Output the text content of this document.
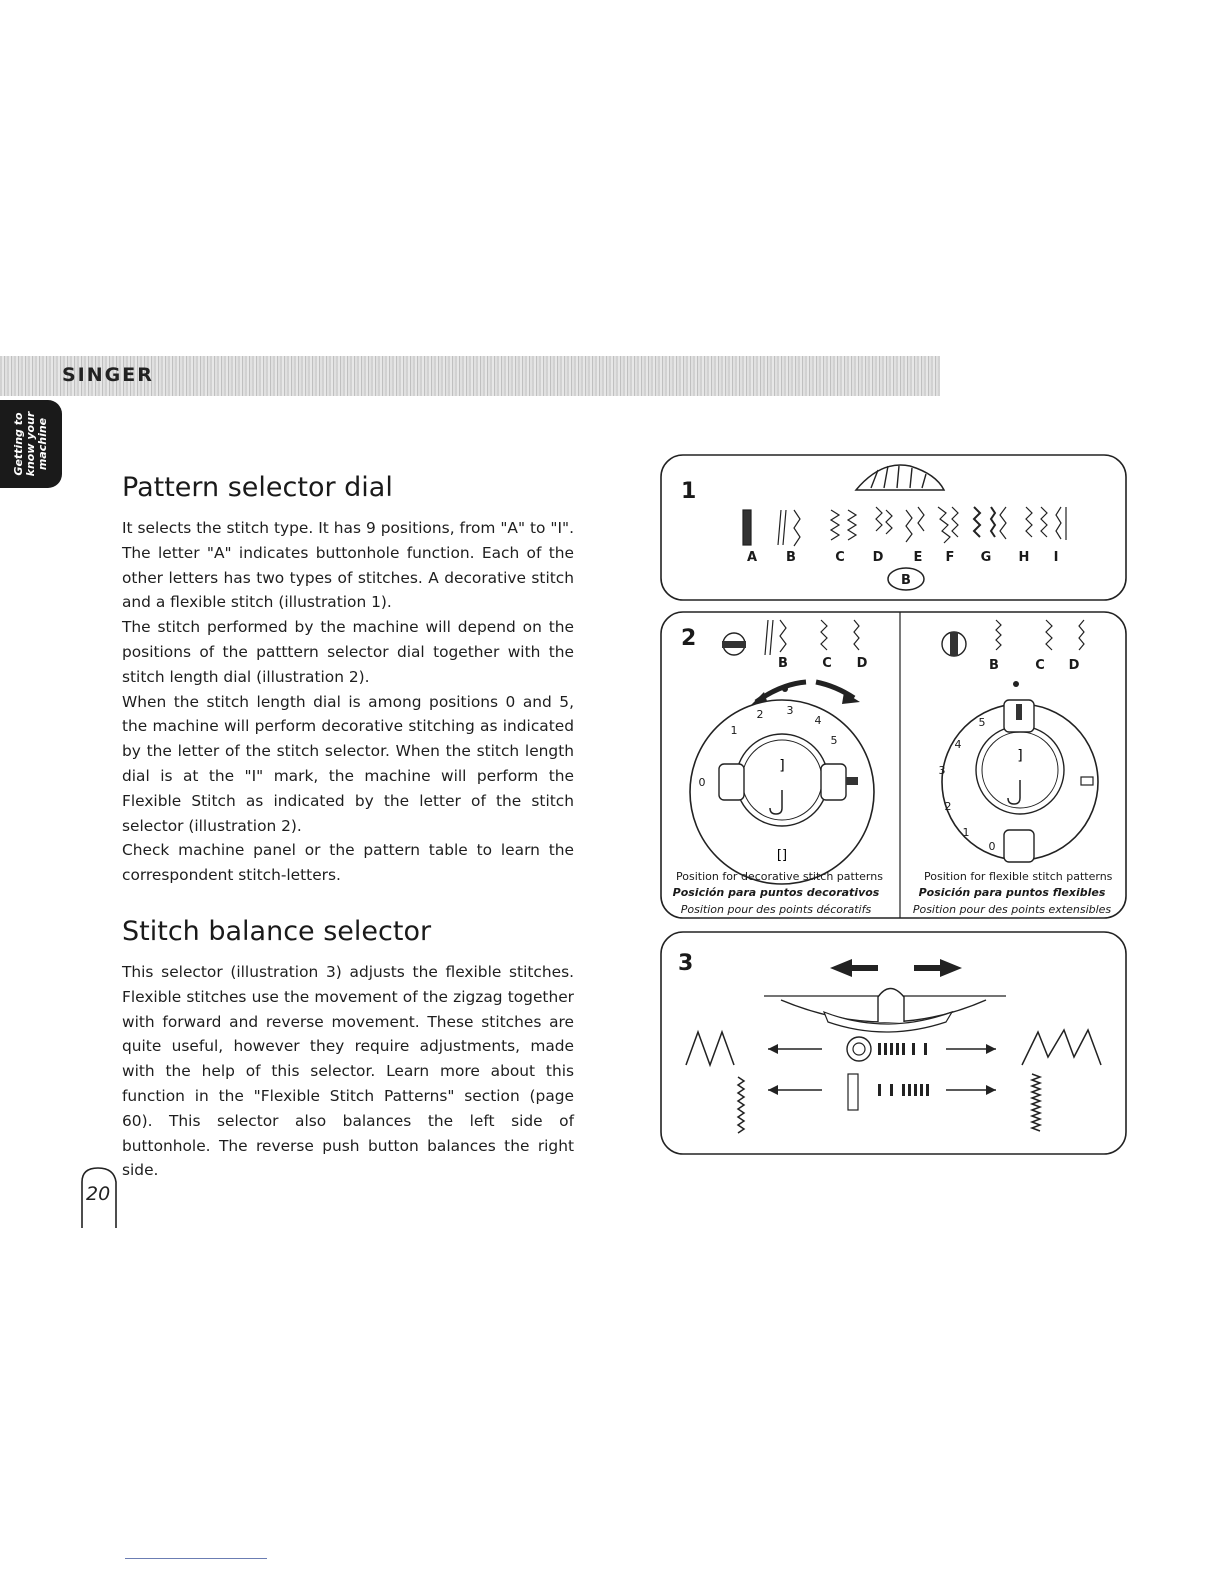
SINGER
Getting to know your machine
Pattern selector dial

It selects the stitch type. It has 9 positions, from "A" to "I". The letter "A" indicates buttonhole function. Each of the other letters has two types of stitches. A decorative stitch and a flexible stitch (illustration 1).

The stitch performed by the machine will depend on the positions of the patttern selector dial together with the stitch length dial (illustration 2).

When the stitch length dial is among positions 0 and 5, the machine will perform decorative stitching as indicated by the letter of the stitch selector. When the stitch length dial is at the "I" mark, the machine will perform the Flexible Stitch as indicated by the letter of the stitch selector (illustration 2).

Check machine panel or the pattern table to learn the correspondent stitch-letters.

Stitch balance selector

This selector (illustration 3) adjusts the flexible stitches. Flexible stitches use the movement of the zigzag together with forward and reverse movement. These stitches are quite useful, however they require adjustments, made with the help of this selector. Learn more about this function in the "Flexible Stitch Patterns" section (page 60). This selector also balances the left side of buttonhole. The reverse push button balances the right side.

20
1
A B	C D E F G H I
B
2
B	C D
]
[]
0
1
2 3
4
5
Position for decorative stitch patterns
Posición para puntos decorativos
Position pour des points décoratifs
B	C D
]
5
4
3
2
1
0
Position for flexible stitch patterns
Posición para puntos flexibles
Position pour des points extensibles
3
